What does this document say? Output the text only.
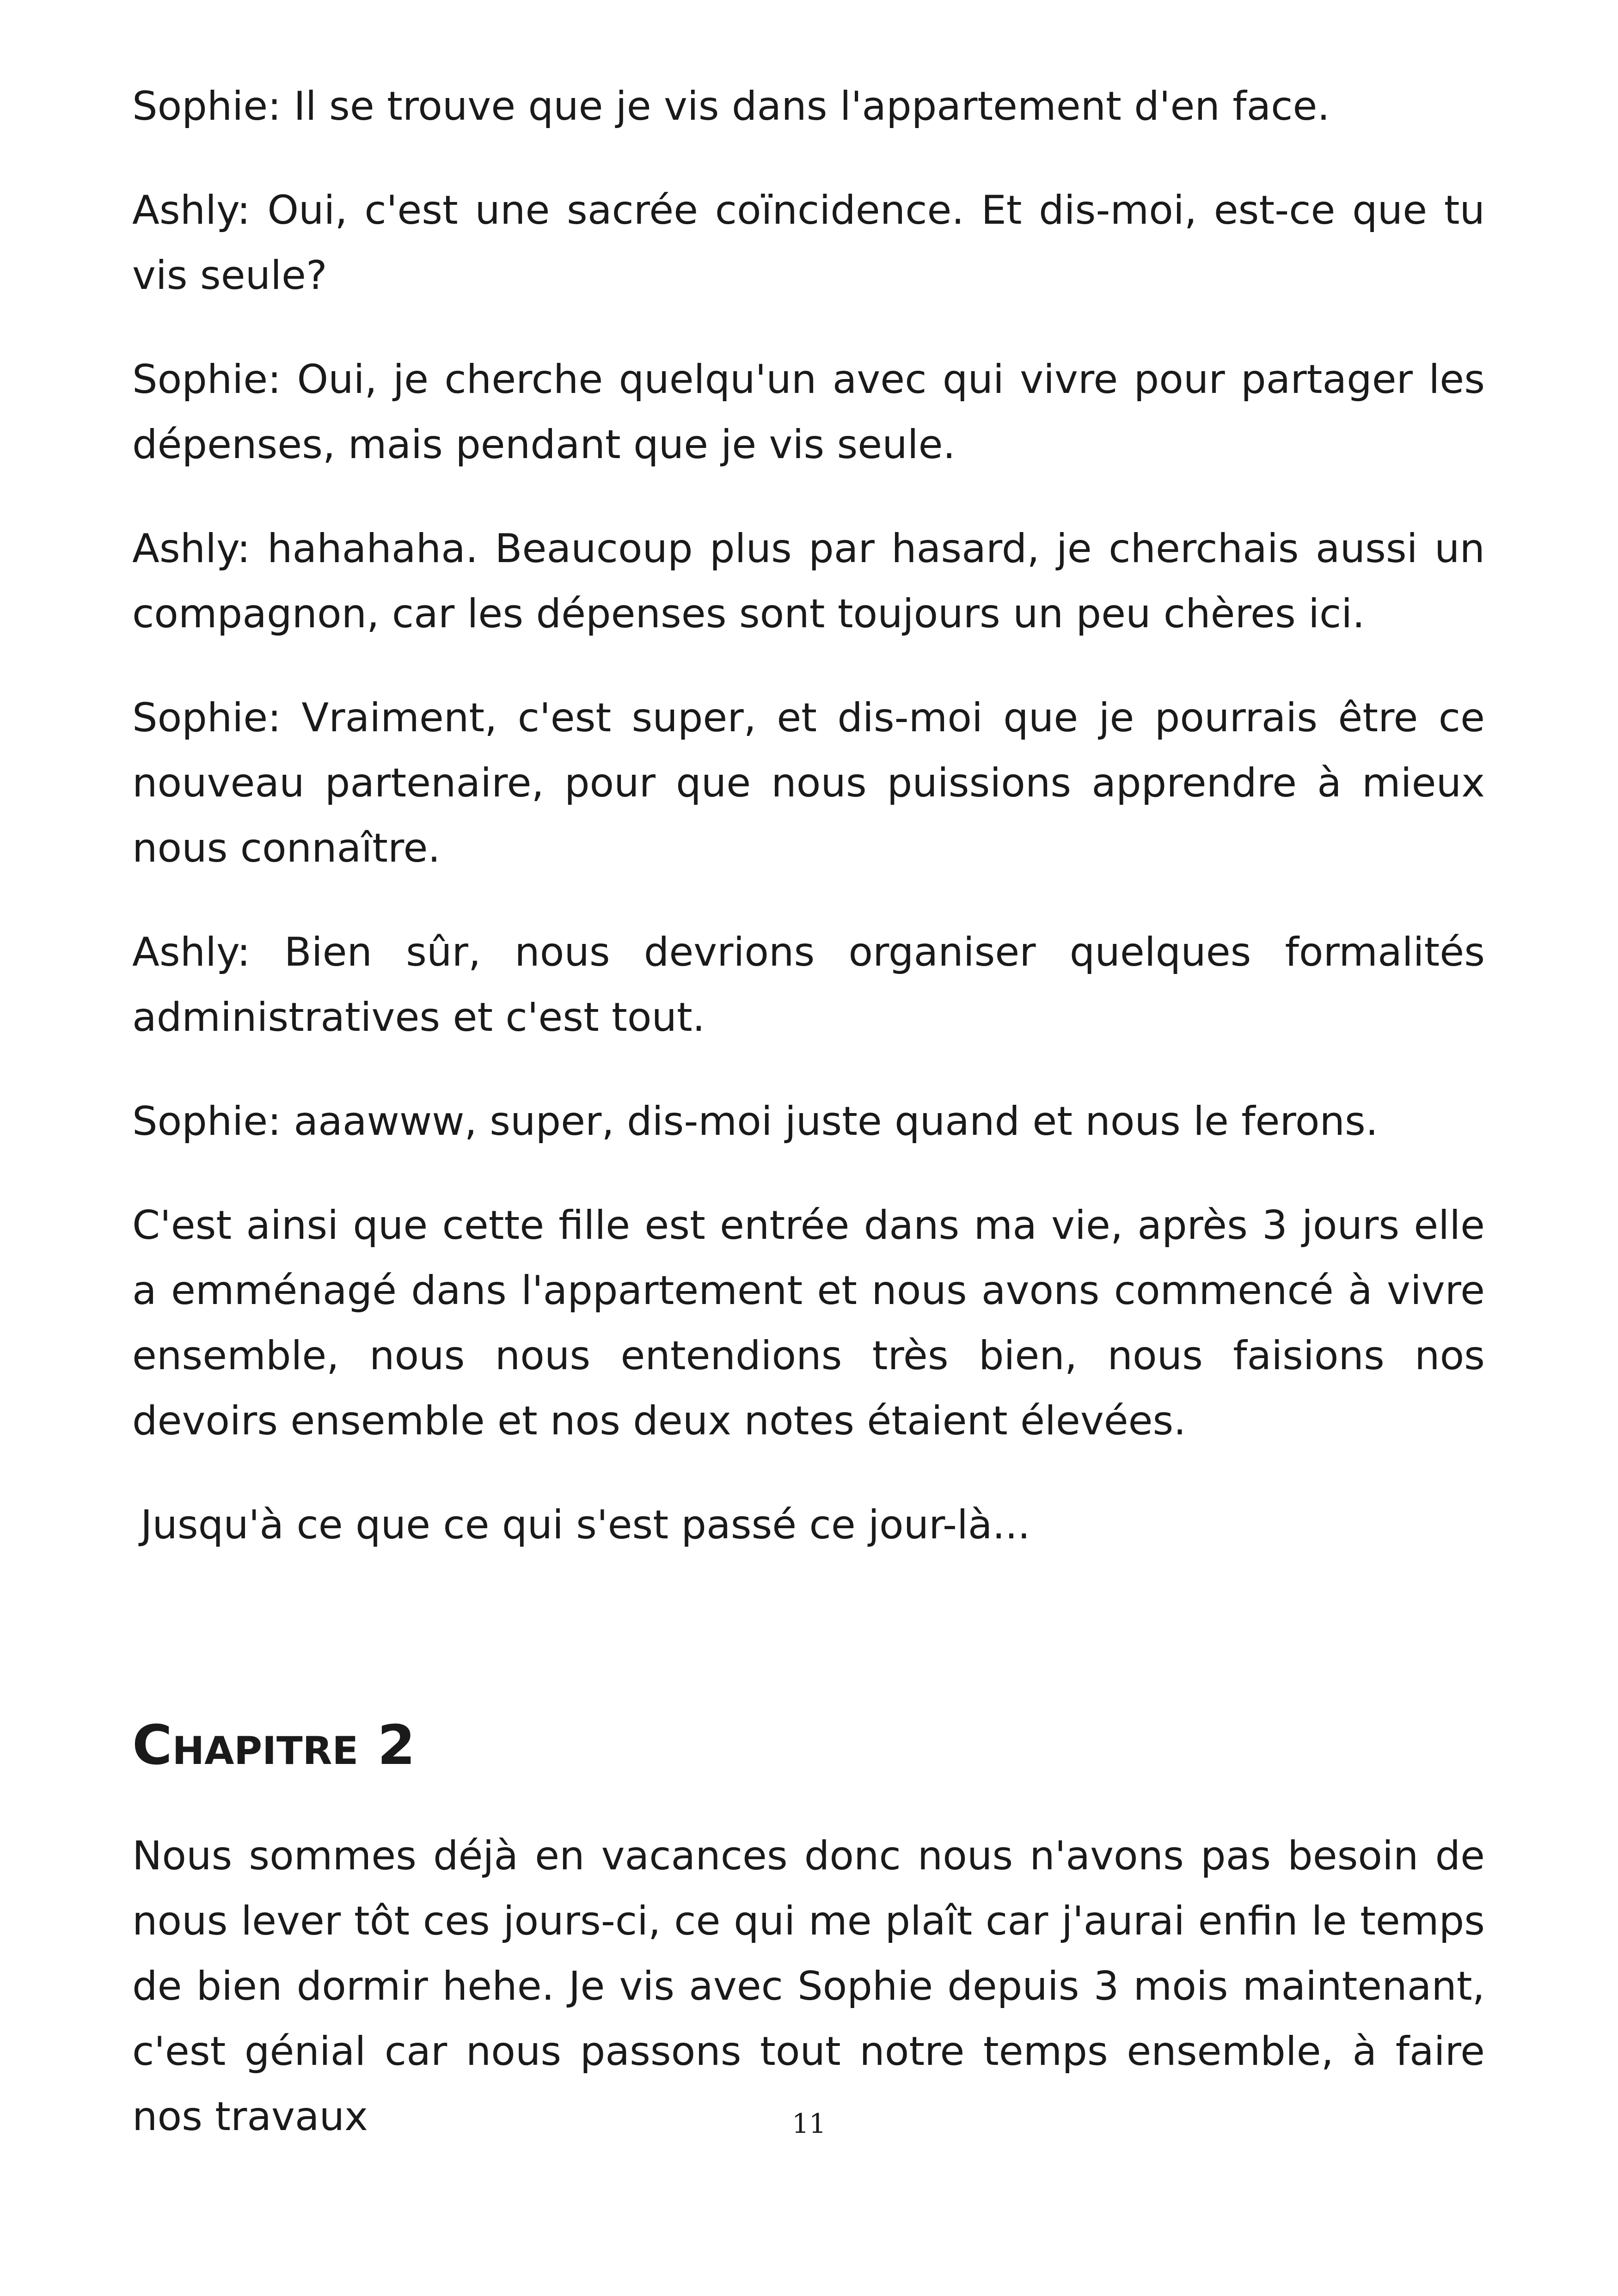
Sophie: Il se trouve que je vis dans l'appartement d'en face.

Ashly: Oui, c'est une sacrée coïncidence. Et dis-moi, est-ce que tu vis seule?

Sophie: Oui, je cherche quelqu'un avec qui vivre pour partager les dépenses, mais pendant que je vis seule.

Ashly: hahahaha. Beaucoup plus par hasard, je cherchais aussi un compagnon, car les dépenses sont toujours un peu chères ici.

Sophie: Vraiment, c'est super, et dis-moi que je pourrais être ce nouveau partenaire, pour que nous puissions apprendre à mieux nous connaître.

Ashly: Bien sûr, nous devrions organiser quelques formalités administratives et c'est tout.

Sophie: aaawww, super, dis-moi juste quand et nous le ferons.

C'est ainsi que cette fille est entrée dans ma vie, après 3 jours elle a emménagé dans l'appartement et nous avons commencé à vivre ensemble, nous nous entendions très bien, nous faisions nos devoirs ensemble et nos deux notes étaient élevées.

Jusqu'à ce que ce qui s'est passé ce jour-là...

Chapitre 2

Nous sommes déjà en vacances donc nous n'avons pas besoin de nous lever tôt ces jours-ci, ce qui me plaît car j'aurai enfin le temps de bien dormir hehe. Je vis avec Sophie depuis 3 mois maintenant, c'est génial car nous passons tout notre temps ensemble, à faire nos travaux	11
